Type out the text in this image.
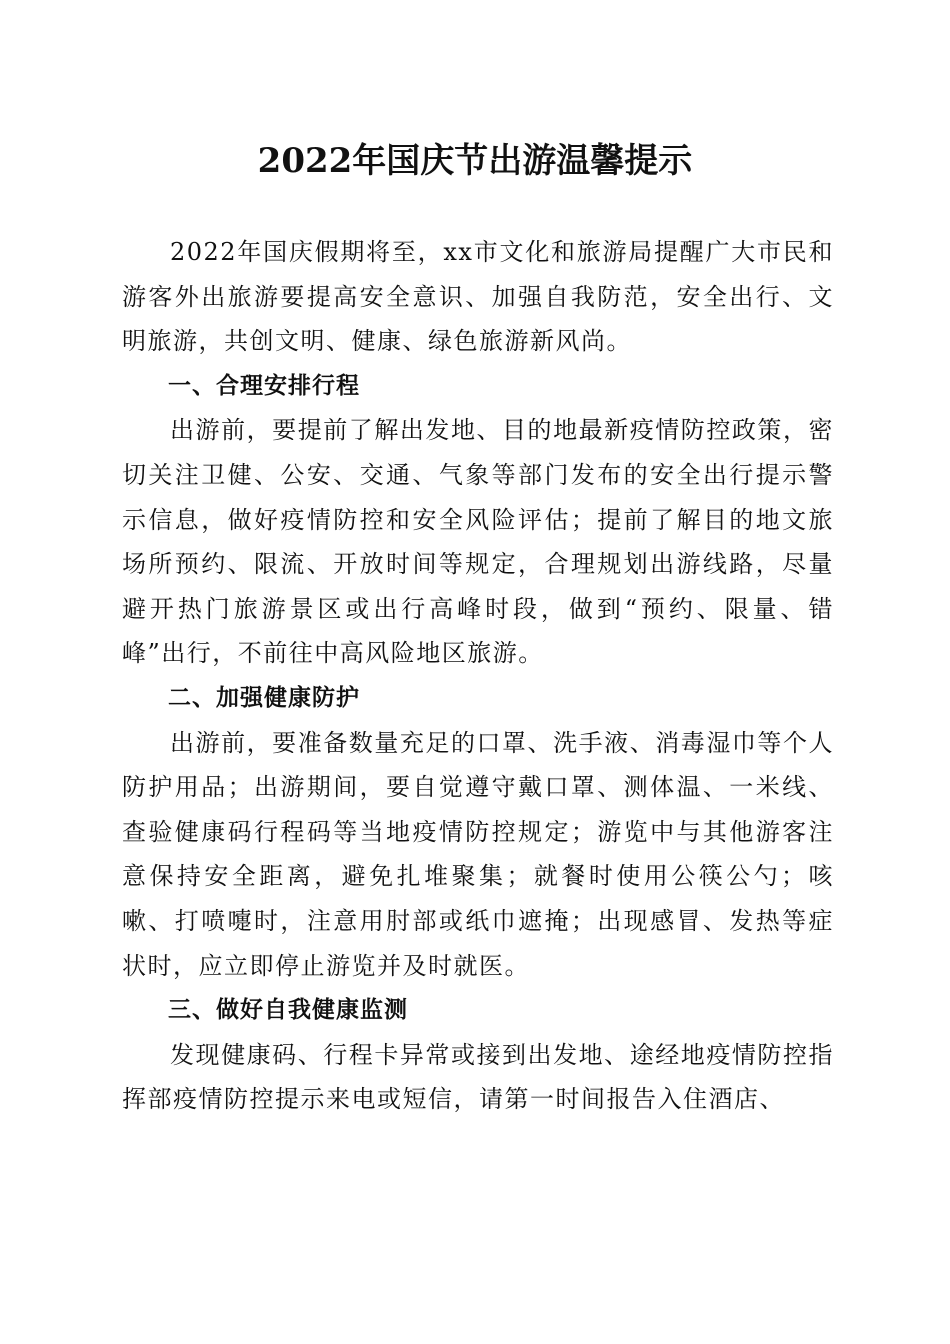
2022年国庆节出游温馨提示

2022年国庆假期将至，xx市文化和旅游局提醒广大市民和游客外出旅游要提高安全意识、加强自我防范，安全出行、文明旅游，共创文明、健康、绿色旅游新风尚。

一、合理安排行程

出游前，要提前了解出发地、目的地最新疫情防控政策，密切关注卫健、公安、交通、气象等部门发布的安全出行提示警示信息，做好疫情防控和安全风险评估；提前了解目的地文旅场所预约、限流、开放时间等规定，合理规划出游线路，尽量避开热门旅游景区或出行高峰时段，做到“预约、限量、错峰”出行，不前往中高风险地区旅游。

二、加强健康防护

出游前，要准备数量充足的口罩、洗手液、消毒湿巾等个人防护用品；出游期间，要自觉遵守戴口罩、测体温、一米线、查验健康码行程码等当地疫情防控规定；游览中与其他游客注意保持安全距离，避免扎堆聚集；就餐时使用公筷公勺；咳嗽、打喷嚏时，注意用肘部或纸巾遮掩；出现感冒、发热等症状时，应立即停止游览并及时就医。

三、做好自我健康监测

发现健康码、行程卡异常或接到出发地、途经地疫情防控指挥部疫情防控提示来电或短信，请第一时间报告入住酒店、
